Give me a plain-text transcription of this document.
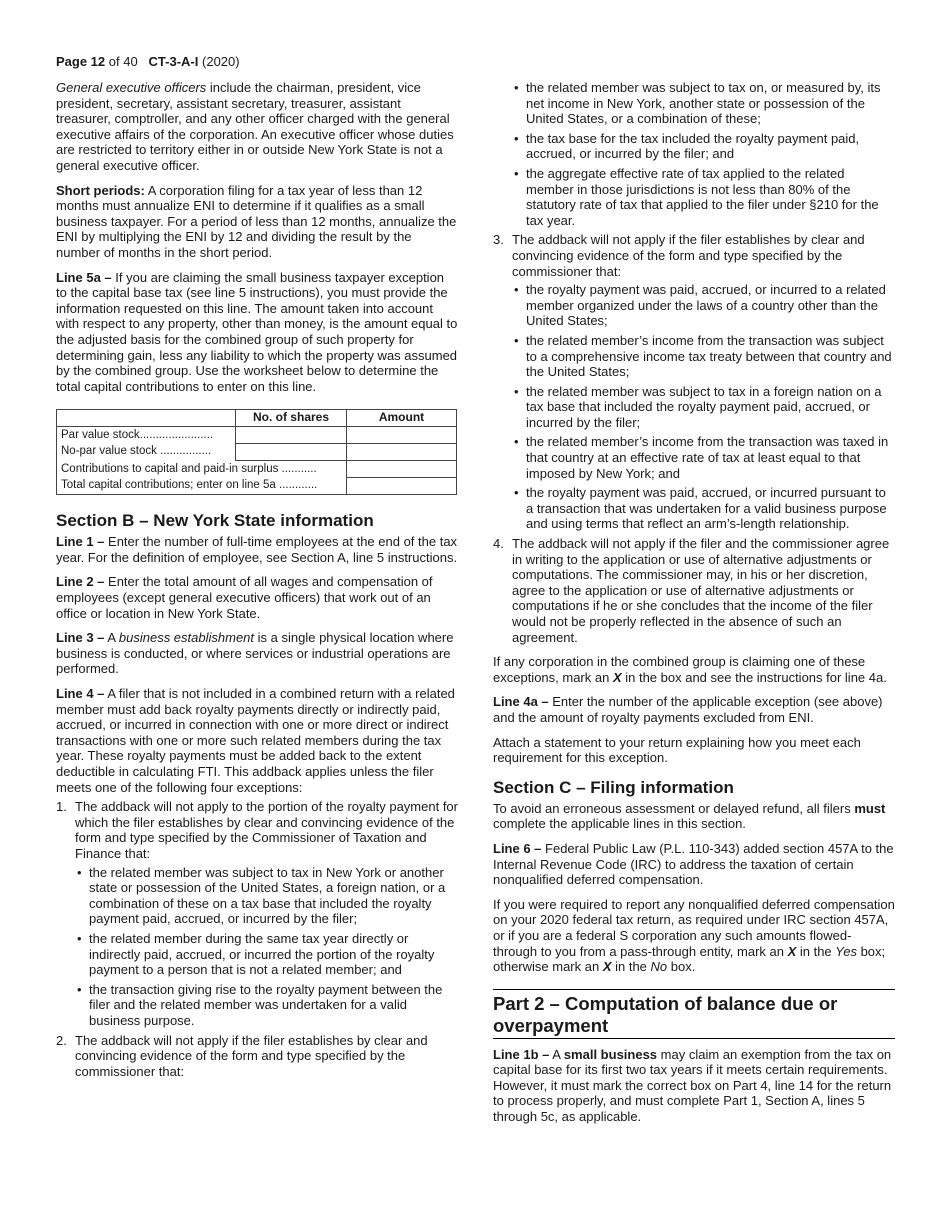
Page 12 of 40 CT-3-A-I (2020)

General executive officers include the chairman, president, vice president, secretary, assistant secretary, treasurer, assistant treasurer, comptroller, and any other officer charged with the general executive affairs of the corporation. An executive officer whose duties are restricted to territory either in or outside New York State is not a general executive officer.

Short periods: A corporation filing for a tax year of less than 12 months must annualize ENI to determine if it qualifies as a small business taxpayer. For a period of less than 12 months, annualize the ENI by multiplying the ENI by 12 and dividing the result by the number of months in the short period.

Line 5a – If you are claiming the small business taxpayer exception to the capital base tax (see line 5 instructions), you must provide the information requested on this line. The amount taken into account with respect to any property, other than money, is the amount equal to the adjusted basis for the combined group of such property for determining gain, less any liability to which the property was assumed by the combined group. Use the worksheet below to determine the total capital contributions to enter on this line.

	No. of shares	Amount
Par value stock.......................		
No-par value stock ................		
Contributions to capital and paid-in surplus ...........		
Total capital contributions; enter on line 5a ............		
Section B – New York State information

Line 1 – Enter the number of full-time employees at the end of the tax year. For the definition of employee, see Section A, line 5 instructions.

Line 2 – Enter the total amount of all wages and compensation of employees (except general executive officers) that work out of an office or location in New York State.

Line 3 – A business establishment is a single physical location where business is conducted, or where services or industrial operations are performed.

Line 4 – A filer that is not included in a combined return with a related member must add back royalty payments directly or indirectly paid, accrued, or incurred in connection with one or more direct or indirect transactions with one or more such related members during the tax year. These royalty payments must be added back to the extent deductible in calculating FTI. This addback applies unless the filer meets one of the following four exceptions:

1. The addback will not apply to the portion of the royalty payment for which the filer establishes by clear and convincing evidence of the form and type specified by the Commissioner of Taxation and Finance that:
• the related member was subject to tax in New York or another state or possession of the United States, a foreign nation, or a combination of these on a tax base that included the royalty payment paid, accrued, or incurred by the filer;
• the related member during the same tax year directly or indirectly paid, accrued, or incurred the portion of the royalty payment to a person that is not a related member; and
• the transaction giving rise to the royalty payment between the filer and the related member was undertaken for a valid business purpose.
2. The addback will not apply if the filer establishes by clear and convincing evidence of the form and type specified by the commissioner that:
• the related member was subject to tax on, or measured by, its net income in New York, another state or possession of the United States, or a combination of these;
• the tax base for the tax included the royalty payment paid, accrued, or incurred by the filer; and
• the aggregate effective rate of tax applied to the related member in those jurisdictions is not less than 80% of the statutory rate of tax that applied to the filer under §210 for the tax year.
3. The addback will not apply if the filer establishes by clear and convincing evidence of the form and type specified by the commissioner that:
• the royalty payment was paid, accrued, or incurred to a related member organized under the laws of a country other than the United States;
• the related member’s income from the transaction was subject to a comprehensive income tax treaty between that country and the United States;
• the related member was subject to tax in a foreign nation on a tax base that included the royalty payment paid, accrued, or incurred by the filer;
• the related member’s income from the transaction was taxed in that country at an effective rate of tax at least equal to that imposed by New York; and
• the royalty payment was paid, accrued, or incurred pursuant to a transaction that was undertaken for a valid business purpose and using terms that reflect an arm’s-length relationship.
4. The addback will not apply if the filer and the commissioner agree in writing to the application or use of alternative adjustments or computations. The commissioner may, in his or her discretion, agree to the application or use of alternative adjustments or computations if he or she concludes that the income of the filer would not be properly reflected in the absence of such an agreement.

If any corporation in the combined group is claiming one of these exceptions, mark an X in the box and see the instructions for line 4a.

Line 4a – Enter the number of the applicable exception (see above) and the amount of royalty payments excluded from ENI.

Attach a statement to your return explaining how you meet each requirement for this exception.

Section C – Filing information

To avoid an erroneous assessment or delayed refund, all filers must complete the applicable lines in this section.

Line 6 – Federal Public Law (P.L. 110-343) added section 457A to the Internal Revenue Code (IRC) to address the taxation of certain nonqualified deferred compensation.

If you were required to report any nonqualified deferred compensation on your 2020 federal tax return, as required under IRC section 457A, or if you are a federal S corporation any such amounts flowed-through to you from a pass-through entity, mark an X in the Yes box; otherwise mark an X in the No box.

Part 2 – Computation of balance due or overpayment

Line 1b – A small business may claim an exemption from the tax on capital base for its first two tax years if it meets certain requirements. However, it must mark the correct box on Part 4, line 14 for the return to process properly, and must complete Part 1, Section A, lines 5 through 5c, as applicable.
